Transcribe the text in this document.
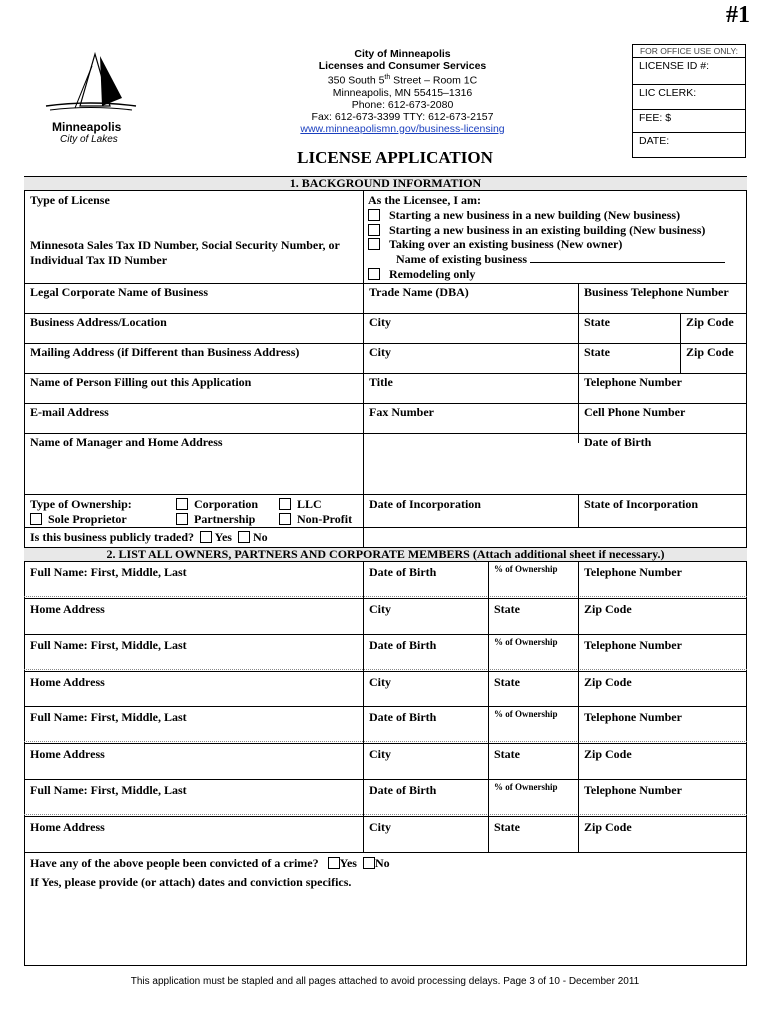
#1
Minneapolis
City of Lakes
City of Minneapolis
Licenses and Consumer Services
350 South 5th Street – Room 1C
Minneapolis, MN 55415–1316
Phone: 612-673-2080
Fax: 612-673-3399 TTY: 612-673-2157
www.minneapolismn.gov/business-licensing
FOR OFFICE USE ONLY:
LICENSE ID #:
LIC CLERK:
FEE: $
DATE:
LICENSE APPLICATION
1. BACKGROUND INFORMATION
Type of License
Minnesota Sales Tax ID Number, Social Security Number, or Individual Tax ID Number
As the Licensee, I am:
Starting a new business in a new building (New business)
Starting a new business in an existing building (New business)
Taking over an existing business (New owner)
Name of existing business
Remodeling only
Legal Corporate Name of Business	Trade Name (DBA)	Business Telephone Number
Business Address/Location	City	State	Zip Code
Mailing Address (if Different than Business Address)	City	State	Zip Code
Name of Person Filling out this Application	Title	Telephone Number
E-mail Address	Fax Number	Cell Phone Number
Name of Manager and Home Address	Date of Birth
Type of Ownership:	Corporation	LLC
Sole Proprietor	Partnership	Non-Profit
Date of Incorporation	State of Incorporation
Is this business publicly traded? Yes No
2. LIST ALL OWNERS, PARTNERS AND CORPORATE MEMBERS (Attach additional sheet if necessary.)
Full Name: First, Middle, Last	Date of Birth	% of Ownership Telephone Number
Home Address	City	State	Zip Code
Full Name: First, Middle, Last	Date of Birth	% of Ownership Telephone Number
Home Address	City	State	Zip Code
Full Name: First, Middle, Last	Date of Birth	% of Ownership Telephone Number
Home Address	City	State	Zip Code
Full Name: First, Middle, Last	Date of Birth	% of Ownership Telephone Number
Home Address	City	State	Zip Code
Have any of the above people been convicted of a crime? Yes No
If Yes, please provide (or attach) dates and conviction specifics.
This application must be stapled and all pages attached to avoid processing delays. Page 3 of 10 - December 2011
